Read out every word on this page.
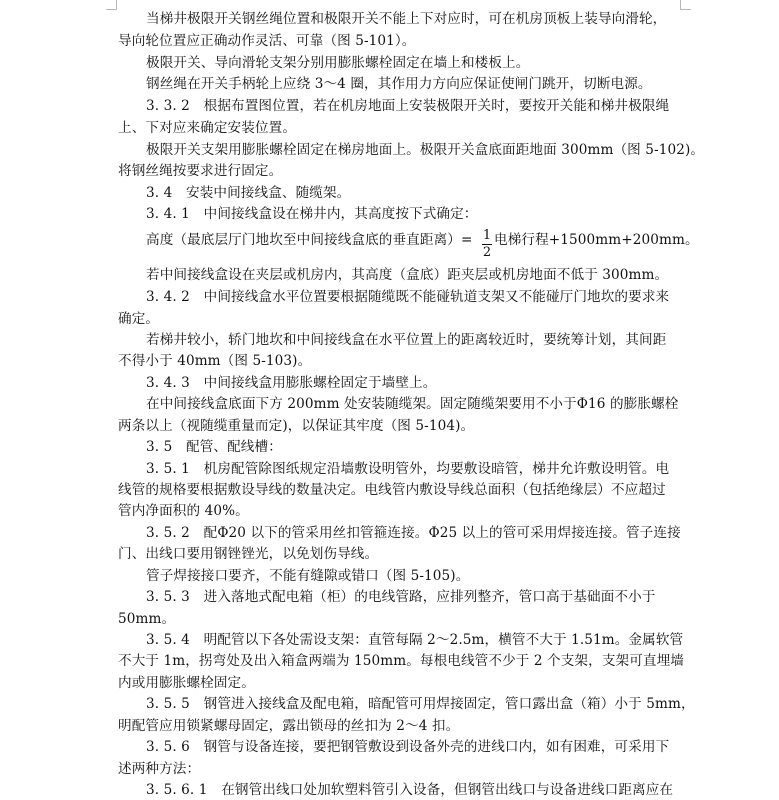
当梯井极限开关钢丝绳位置和极限开关不能上下对应时，可在机房顶板上装导向滑轮，
导向轮位置应正确动作灵活、可靠（图 5-101）。
极限开关、导向滑轮支架分别用膨胀螺栓固定在墙上和楼板上。
钢丝绳在开关手柄轮上应绕 3～4 圈，其作用力方向应保证使闸门跳开，切断电源。
3. 3. 2　根据布置图位置，若在机房地面上安装极限开关时，要按开关能和梯井极限绳
上、下对应来确定安装位置。
极限开关支架用膨胀螺栓固定在梯房地面上。极限开关盒底面距地面 300mm（图 5-102)。
将钢丝绳按要求进行固定。
3. 4　安装中间接线盒、随缆架。
3. 4. 1　中间接线盒设在梯井内，其高度按下式确定：
高度（最底层厅门地坎至中间接线盒底的垂直距离）= $\frac{1}{2}$ 电梯行程+1500mm+200mm。
若中间接线盒设在夹层或机房内，其高度（盒底）距夹层或机房地面不低于 300mm。
3. 4. 2　中间接线盒水平位置要根据随缆既不能碰轨道支架又不能碰厅门地坎的要求来
确定。
若梯井较小，轿门地坎和中间接线盒在水平位置上的距离较近时，要统筹计划，其间距
不得小于 40mm（图 5-103)。
3. 4. 3　中间接线盒用膨胀螺栓固定于墙壁上。
在中间接线盒底面下方 200mm 处安装随缆架。固定随缆架要用不小于Φ16 的膨胀螺栓
两条以上（视随缆重量而定)，以保证其牢度（图 5-104)。
3. 5　配管、配线槽：
3. 5. 1　机房配管除图纸规定沿墙敷设明管外，均要敷设暗管，梯井允许敷设明管。电
线管的规格要根据敷设导线的数量决定。电线管内敷设导线总面积（包括绝缘层）不应超过
管内净面积的 40%。
3. 5. 2　配Φ20 以下的管采用丝扣管箍连接。Φ25 以上的管可采用焊接连接。管子连接
门、出线口要用钢锉锉光，以免划伤导线。
管子焊接接口要齐，不能有缝隙或错口（图 5-105)。
3. 5. 3　进入落地式配电箱（柜）的电线管路，应排列整齐，管口高于基础面不小于
50mm。
3. 5. 4　明配管以下各处需设支架：直管每隔 2～2.5m，横管不大于 1.51m。金属软管
不大于 1m，拐弯处及出入箱盒两端为 150mm。每根电线管不少于 2 个支架，支架可直埋墙
内或用膨胀螺栓固定。
3. 5. 5　钢管进入接线盒及配电箱，暗配管可用焊接固定，管口露出盒（箱）小于 5mm，
明配管应用锁紧螺母固定，露出锁母的丝扣为 2～4 扣。
3. 5. 6　钢管与设备连接，要把钢管敷设到设备外壳的进线口内，如有困难，可采用下
述两种方法：
3. 5. 6. 1　在钢管出线口处加软塑料管引入设备，但钢管出线口与设备进线口距离应在
